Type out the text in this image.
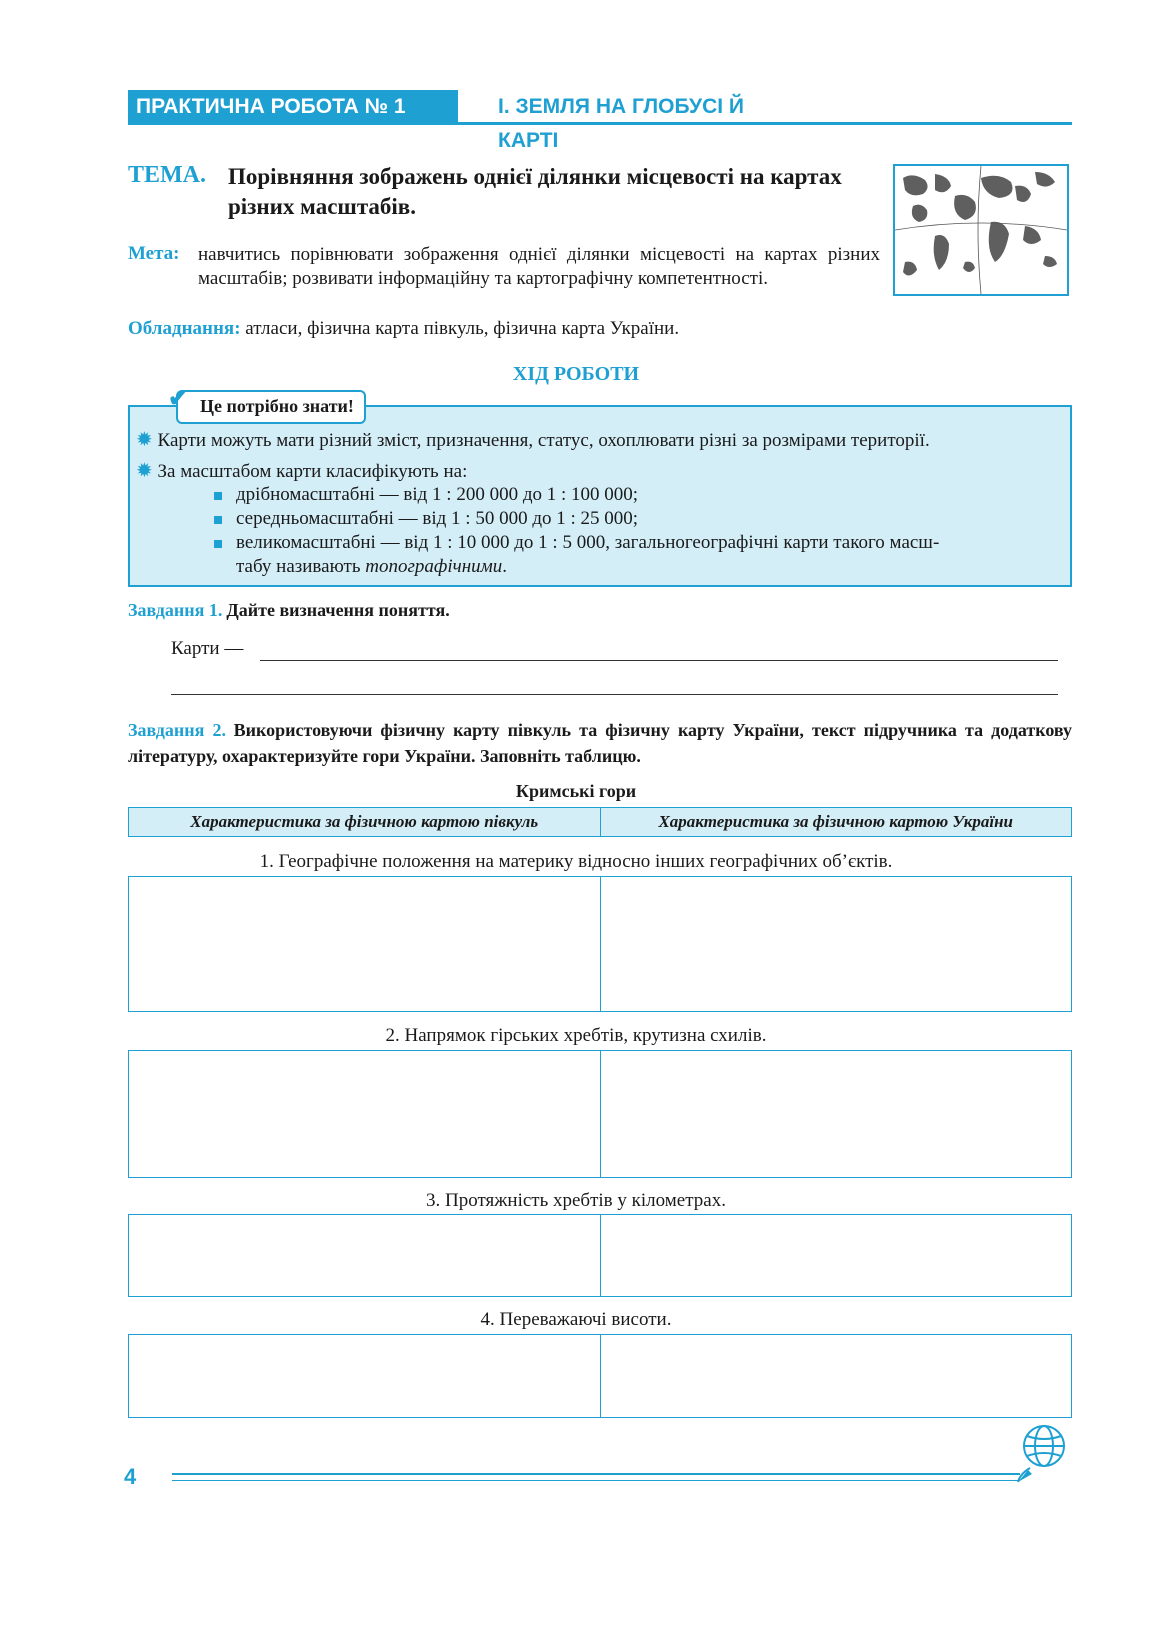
ПРАКТИЧНА РОБОТА № 1	I. ЗЕМЛЯ НА ГЛОБУСІ Й КАРТІ
ТЕМА. Порівняння зображень однієї ділянки місцевості на картах різних масштабів.
Мета: навчитись порівнювати зображення однієї ділянки місцевості на картах різних масштабів; розвивати інформаційну та картографічну компетентності.
Обладнання: атласи, фізична карта півкуль, фізична карта України.
ХІД РОБОТИ
Це потрібно знати!
✔
✹ Карти можуть мати різний зміст, призначення, статус, охоплювати різні за розмірами території.
✹ За масштабом карти класифікують на:
дрібномасштабні — від 1 : 200 000 до 1 : 100 000;
середньомасштабні — від 1 : 50 000 до 1 : 25 000;
великомасштабні — від 1 : 10 000 до 1 : 5 000, загальногеографічні карти такого масш-
табу називають топографічними.
Завдання 1. Дайте визначення поняття.
Карти —
Завдання 2. Використовуючи фізичну карту півкуль та фізичну карту України, текст підручника та додаткову літературу, охарактеризуйте гори України. Заповніть таблицю.
Кримські гори
Характеристика за фізичною картою півкуль	Характеристика за фізичною картою України
1. Географічне положення на материку відносно інших географічних об’єктів.
2. Напрямок гірських хребтів, крутизна схилів.
3. Протяжність хребтів у кілометрах.
4. Переважаючі висоти.
4
